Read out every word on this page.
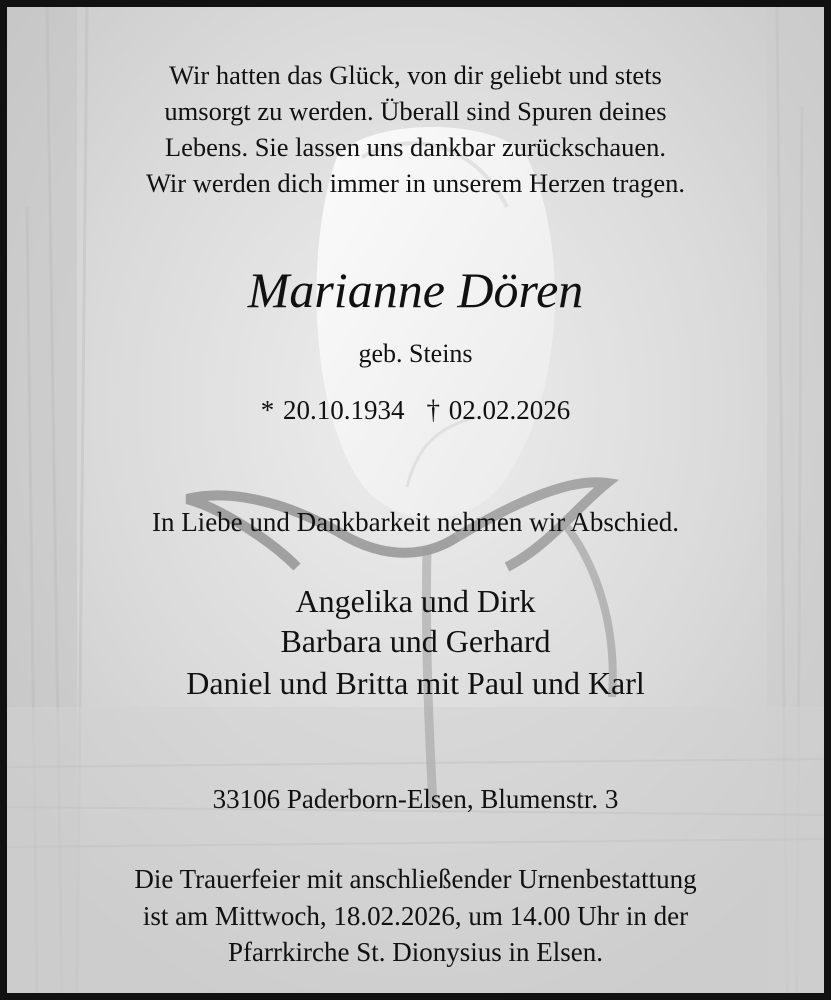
Wir hatten das Glück, von dir geliebt und stets
umsorgt zu werden. Überall sind Spuren deines
Lebens. Sie lassen uns dankbar zurückschauen.
Wir werden dich immer in unserem Herzen tragen.
Marianne Dören
geb. Steins
* 20.10.1934 † 02.02.2026
In Liebe und Dankbarkeit nehmen wir Abschied.
Angelika und Dirk
Barbara und Gerhard
Daniel und Britta mit Paul und Karl
33106 Paderborn-Elsen, Blumenstr. 3
Die Trauerfeier mit anschließender Urnenbestattung
ist am Mittwoch, 18.02.2026, um 14.00 Uhr in der
Pfarrkirche St. Dionysius in Elsen.
